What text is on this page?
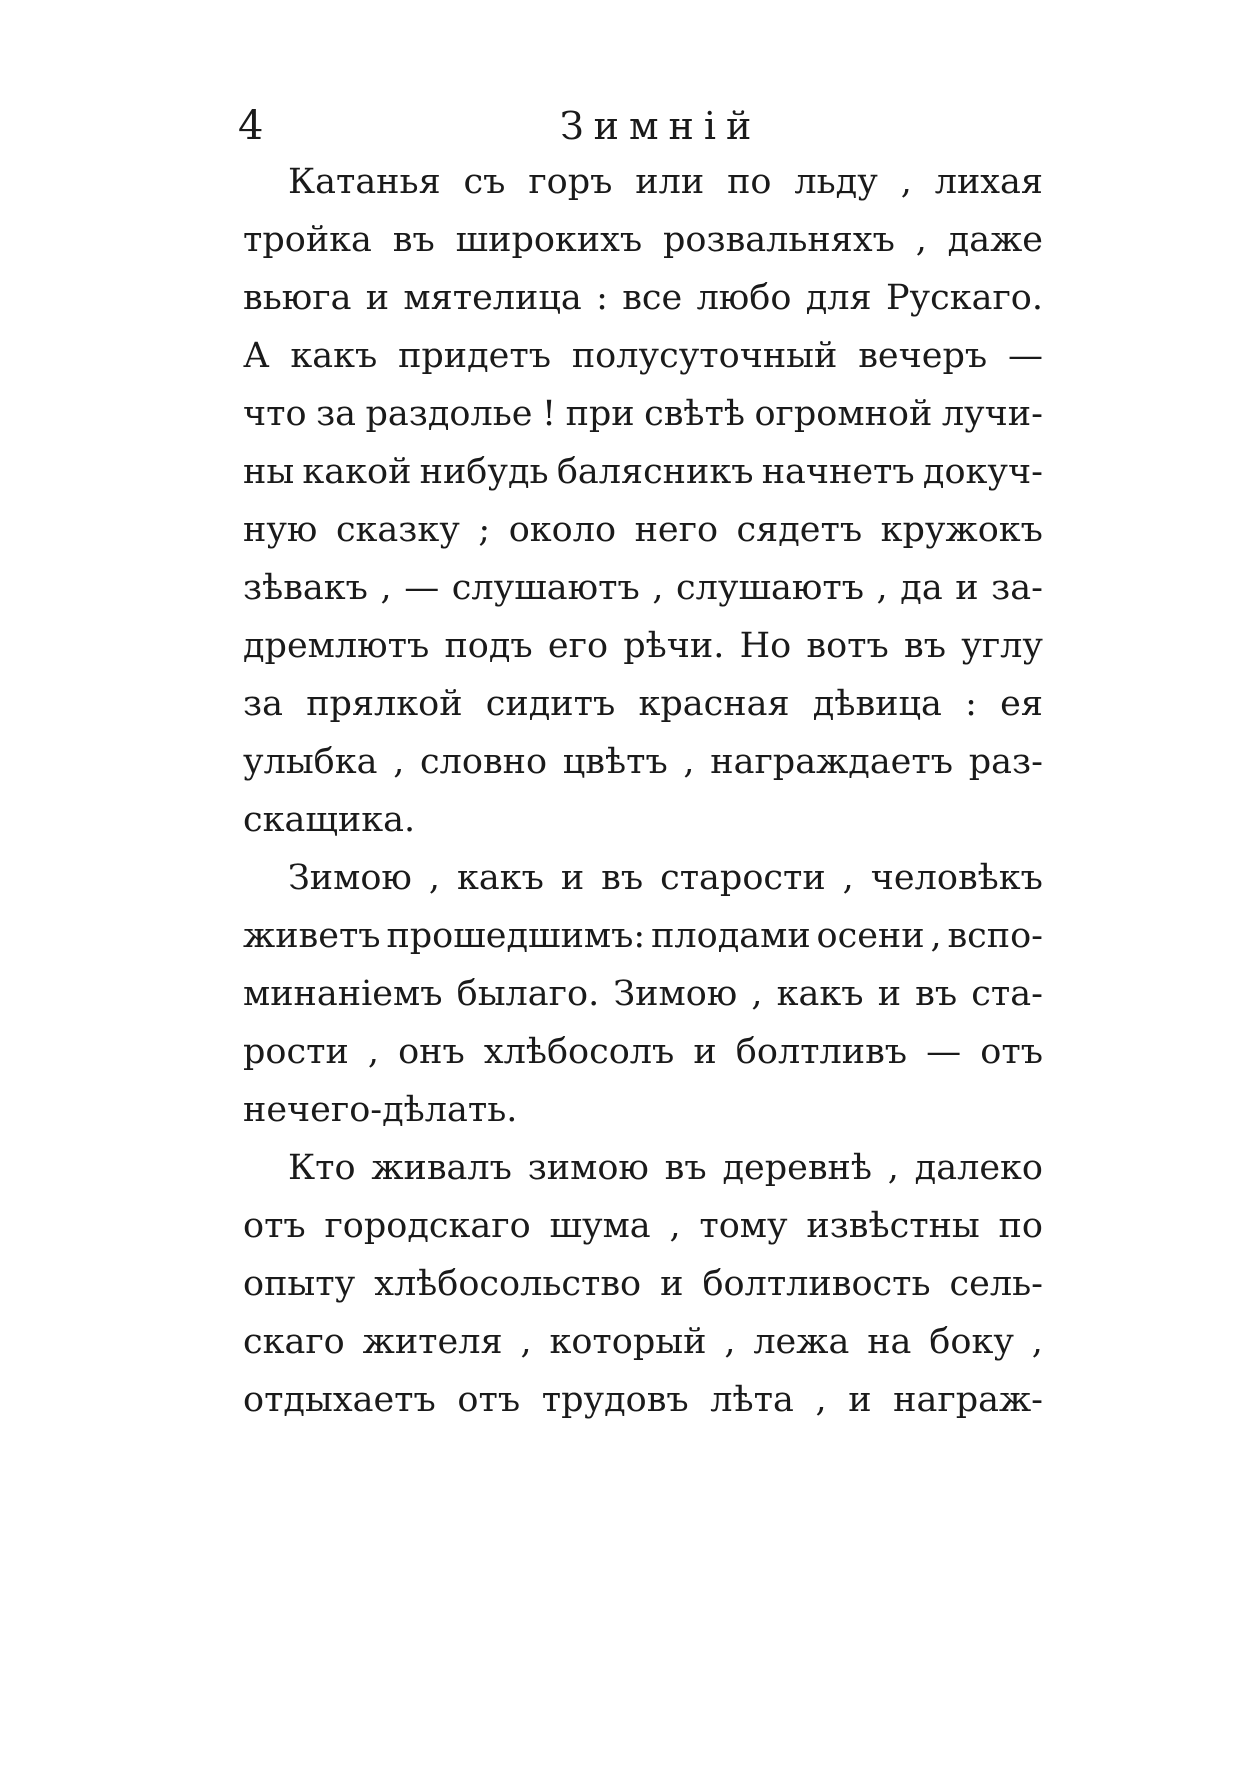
4	Зимній
Катанья съ горъ или по льду , лихая
тройка въ широкихъ розвальняхъ , даже
вьюга и мятелица : все любо для Рускаго.
А какъ придетъ полусуточный вечеръ —
что за раздолье ! при свѣтѣ огромной лучи-
ны какой нибудь балясникъ начнетъ докуч-
ную сказку ; около него сядетъ кружокъ
зѣвакъ , — слушаютъ , слушаютъ , да и за-
дремлютъ подъ его рѣчи. Но вотъ въ углу
за прялкой сидитъ красная дѣвица : ея
улыбка , словно цвѣтъ , награждаетъ раз-
скащика.
Зимою , какъ и въ старости , человѣкъ
живетъ прошедшимъ: плодами осени , вспо-
минаніемъ былаго. Зимою , какъ и въ ста-
рости , онъ хлѣбосолъ и болтливъ — отъ
нечего-дѣлать.
Кто живалъ зимою въ деревнѣ , далеко
отъ городскаго шума , тому извѣстны по
опыту хлѣбосольство и болтливость сель-
скаго жителя , который , лежа на боку ,
отдыхаетъ отъ трудовъ лѣта , и награж-
